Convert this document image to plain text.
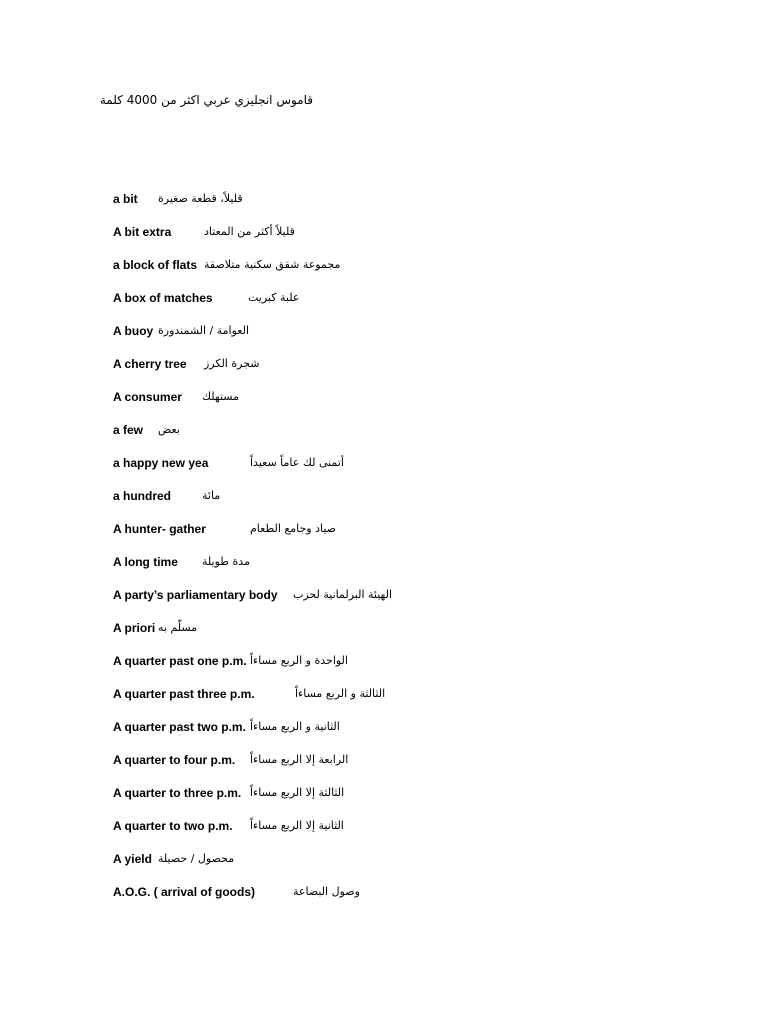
قاموس انجليزي عربي اكثر من 4000 كلمة
a bit قليلاً، قطعة صغيرة
A bit extra	قليلاً أكثر من المعتاد
a block of flats مجموعة شقق سكنية متلاصقة
A box of matches	علبة كبريت
A buoy العوامة / الشمندورة
A cherry tree شجرة الكرز
A consumer مستهلك
a few بعض
a happy new yea	أتمنى لك عاماً سعيداً
a hundred	مائة
A hunter- gather	صياد وجامع الطعام
A long time مدة طويلة
A party’s parliamentary body الهيئة البرلمانية لحزب
A priori مسلّم به
A quarter past one p.m. الواحدة و الربع مساءاً
A quarter past three p.m.	الثالثة و الربع مساءاً
A quarter past two p.m. الثانية و الربع مساءاً
A quarter to four p.m. الرابعة إلا الربع مساءاً
A quarter to three p.m. الثالثة إلا الربع مساءاً
A quarter to two p.m. الثانية إلا الربع مساءاً
A yield محصول / حصيلة
A.O.G. ( arrival of goods)	وصول البضاعة
